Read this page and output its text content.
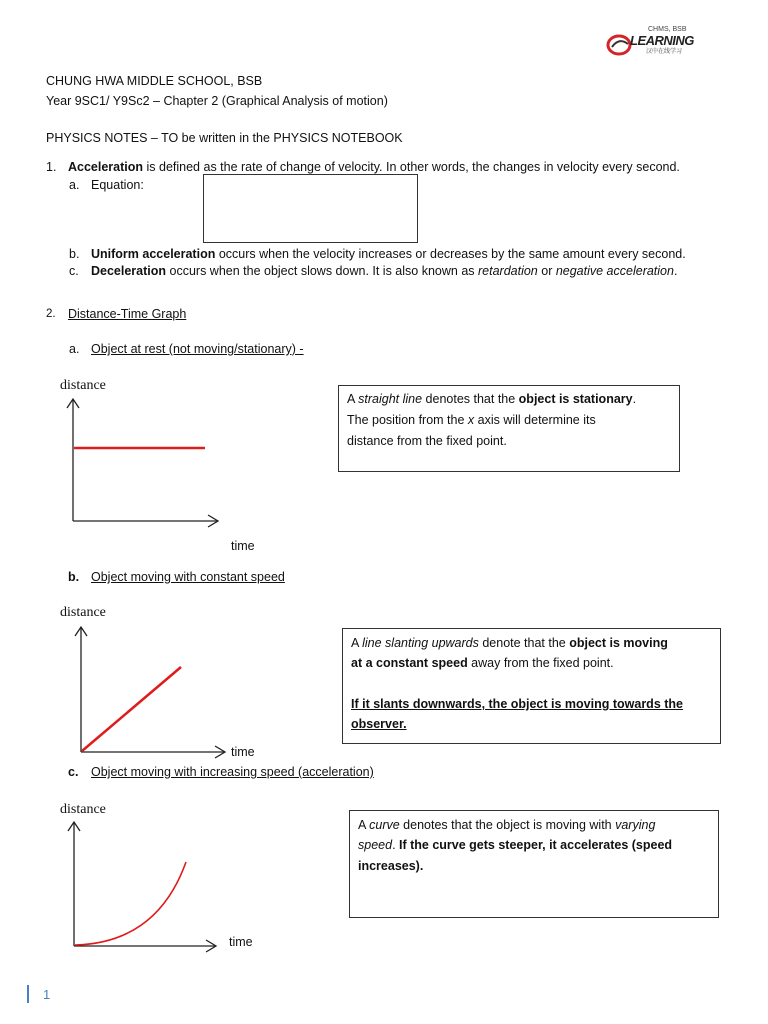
CHMS, BSB
LEARNING
汉中在线学习
CHUNG HWA MIDDLE SCHOOL, BSB
Year 9SC1/ Y9Sc2 – Chapter 2 (Graphical Analysis of motion)
PHYSICS NOTES – TO be written in the PHYSICS NOTEBOOK
1. Acceleration is defined as the rate of change of velocity. In other words, the changes in velocity every second.
a. Equation:
b. Uniform acceleration occurs when the velocity increases or decreases by the same amount every second.
c. Deceleration occurs when the object slows down. It is also known as retardation or negative acceleration.
2. Distance-Time Graph
a. Object at rest (not moving/stationary) -
distance
time
A straight line denotes that the object is stationary.
The position from the x axis will determine its
distance from the fixed point.
b. Object moving with constant speed
distance
time
A line slanting upwards denote that the object is moving
at a constant speed away from the fixed point.
If it slants downwards, the object is moving towards the
observer.
c. Object moving with increasing speed (acceleration)
distance
time
A curve denotes that the object is moving with varying
speed. If the curve gets steeper, it accelerates (speed
increases).
1
